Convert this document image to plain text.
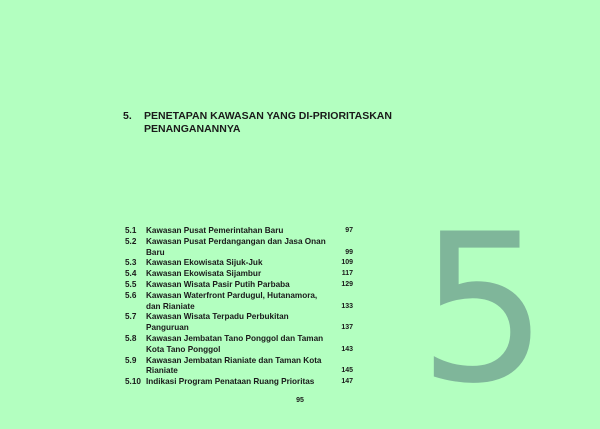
5.	PENETAPAN KAWASAN YANG DI-PRIORITASKAN PENANGANANNYA
5.1	Kawasan Pusat Pemerintahan Baru	97
5.2	Kawasan Pusat Perdangangan dan Jasa Onan Baru	99
5.3	Kawasan Ekowisata Sijuk-Juk	109
5.4	Kawasan Ekowisata Sijambur	117
5.5	Kawasan Wisata Pasir Putih Parbaba	129
5.6	Kawasan Waterfront Pardugul, Hutanamora, dan Rianiate	133
5.7	Kawasan Wisata Terpadu Perbukitan Panguruan	137
5.8	Kawasan Jembatan Tano Ponggol dan Taman Kota Tano Ponggol	143
5.9	Kawasan Jembatan Rianiate dan Taman Kota Rianiate	145
5.10 Indikasi Program Penataan Ruang Prioritas	147 5
95
